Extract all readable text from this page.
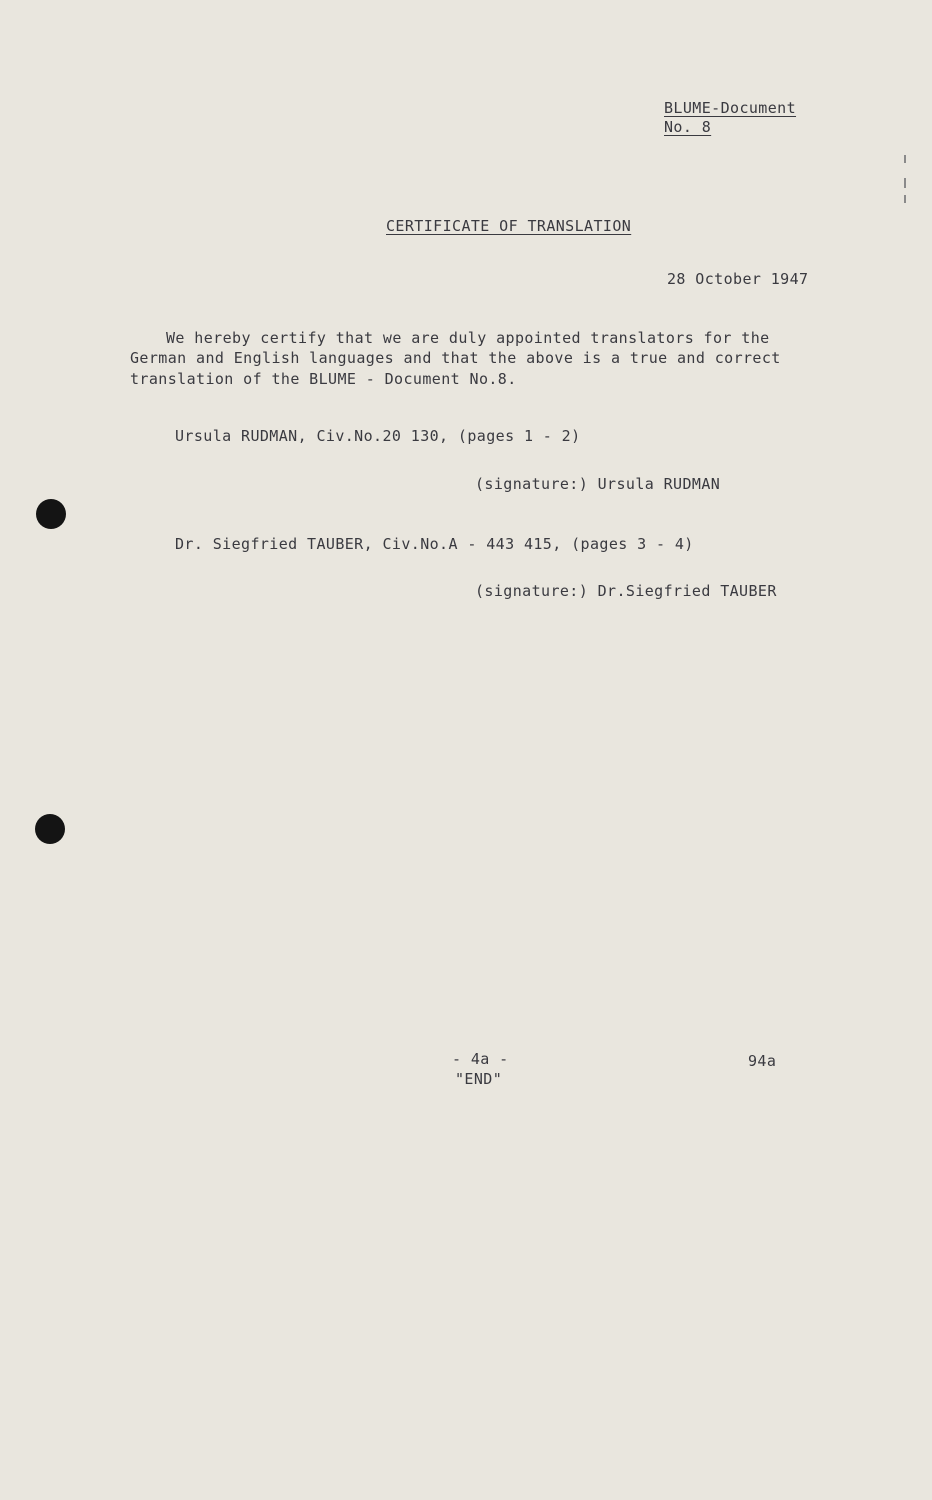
BLUME-Document
No. 8
CERTIFICATE OF TRANSLATION
28 October 1947
We hereby certify that we are duly appointed translators for the
German and English languages and that the above is a true and correct
translation of the BLUME - Document No.8.
Ursula RUDMAN, Civ.No.20 130, (pages 1 - 2)
(signature:) Ursula RUDMAN
Dr. Siegfried TAUBER, Civ.No.A - 443 415, (pages 3 - 4)
(signature:) Dr.Siegfried TAUBER
- 4a -
"END"
94a
